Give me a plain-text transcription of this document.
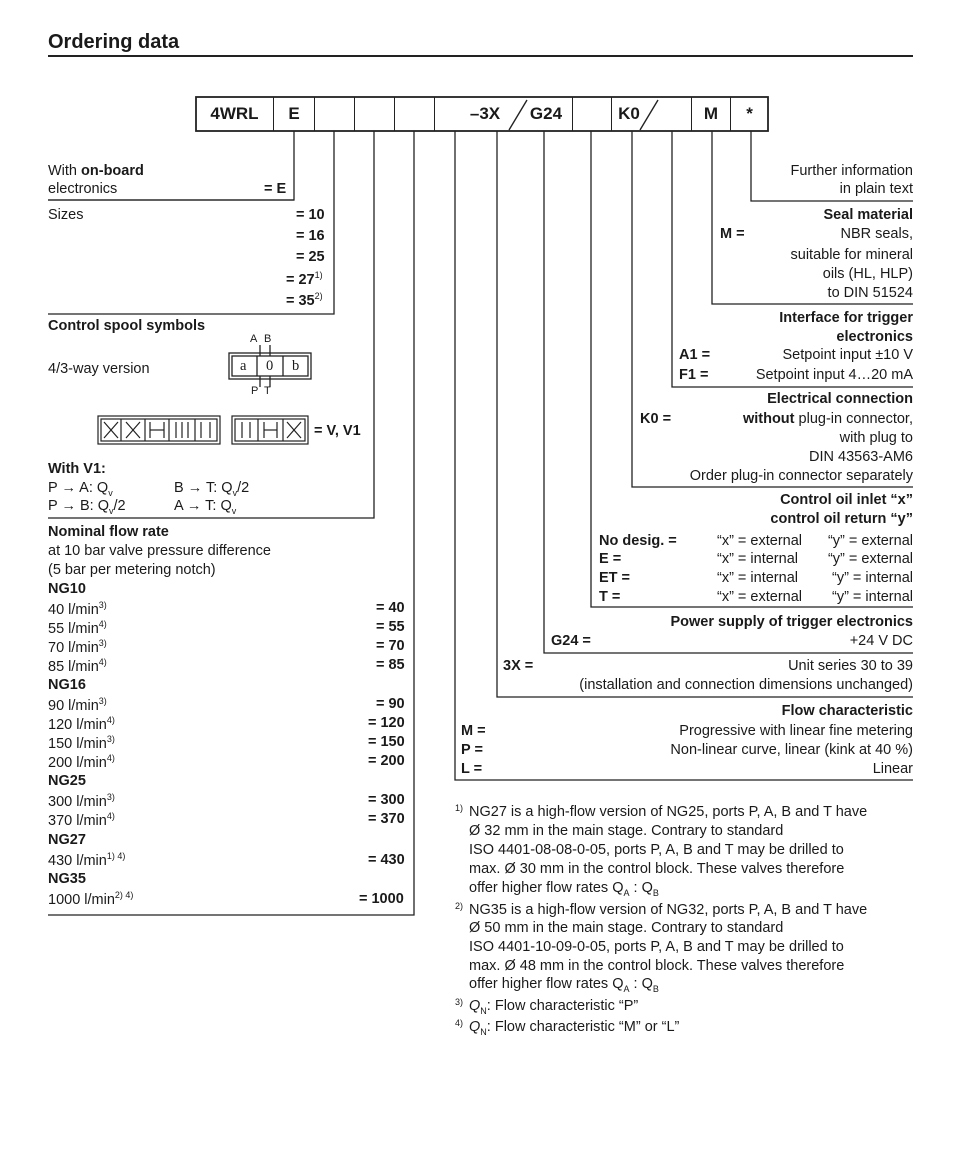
Ordering data
4WRL	E	–3X	G24	K0	M	*
With on-board
electronics	= E
Sizes	= 10
= 16
= 25
= $27^{1)}$
= $35^{2)}$
Control spool symbols
4/3-way version
A B
a 0 b
P T
= V, V1
With V1:
P → A: $Q_v$	B → T: $Q_v/2$
P → B: $Q_v/2$	A → T: $Q_v$
Nominal flow rate
at 10 bar valve pressure difference
(5 bar per metering notch)
NG10
40 $l/\min^{3)}$	= 40
55 $l/\min^{4)}$	= 55
70 $l/\min^{3)}$	= 70
85 $l/\min^{4)}$	= 85
NG16
90 $l/\min^{3)}$	= 90
120 $l/\min^{4)}$	= 120
150 $l/\min^{3)}$	= 150
200 $l/\min^{4)}$	= 200
NG25
300 $l/\min^{3)}$	= 300
370 $l/\min^{4)}$	= 370
NG27
430 $l/\min^{1) 4)}$	= 430
NG35
1000 $l/\min^{2) 4)}$	= 1000
Further information
in plain text
Seal material
M =	NBR seals,
suitable for mineral
oils (HL, HLP)
to DIN 51524
Interface for trigger
electronics
A1 =	Setpoint input ±10 V
F1 =	Setpoint input 4…20 mA
Electrical connection
K0 =	without plug-in connector,
with plug to
DIN 43563-AM6
Order plug-in connector separately
Control oil inlet “x”
control oil return “y”
No desig. =	“x” = external “y” = external
E =	“x” = internal “y” = external
ET =	“x” = internal “y” = internal
T =	“x” = external “y” = internal
Power supply of trigger electronics
G24 =	+24 V DC
3X =	Unit series 30 to 39
(installation and connection dimensions unchanged)
Flow characteristic
M =	Progressive with linear fine metering
P =	Non-linear curve, linear (kink at 40 %)
L =	Linear
1) NG27 is a high-flow version of NG25, ports P, A, B and T have
Ø 32 mm in the main stage. Contrary to standard
ISO 4401-08-08-0-05, ports P, A, B and T may be drilled to
max. Ø 30 mm in the control block. These valves therefore
offer higher flow rates $Q_A$ : $Q_B$
2) NG35 is a high-flow version of NG32, ports P, A, B and T have
Ø 50 mm in the main stage. Contrary to standard
ISO 4401-10-09-0-05, ports P, A, B and T may be drilled to
max. Ø 48 mm in the control block. These valves therefore
offer higher flow rates $Q_A$ : $Q_B$
3) $Q_N$: Flow characteristic “P”
4) $Q_N$: Flow characteristic “M” or “L”
